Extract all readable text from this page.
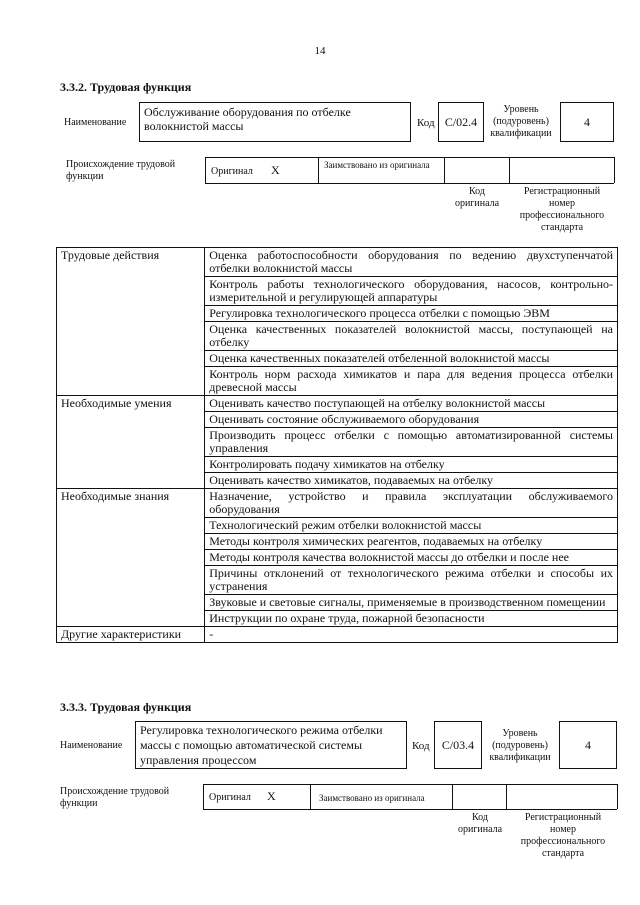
14
3.3.2. Трудовая функция
Наименование
Обслуживание оборудования по отбелке волокнистой массы	Код C/02.4
Уровень (подуровень) квалификации
4
Происхождение трудовой функции	Оригинал X	Заимствовано из оригинала
Код оригинала
Регистрационный номер профессионального стандарта
Трудовые действия	Оценка работоспособности оборудования по ведению двухступенчатой отбелки волокнистой массы
	Контроль работы технологического оборудования, насосов, контрольно-измерительной и регулирующей аппаратуры
	Регулировка технологического процесса отбелки с помощью ЭВМ
	Оценка качественных показателей волокнистой массы, поступающей на отбелку
	Оценка качественных показателей отбеленной волокнистой массы
	Контроль норм расхода химикатов и пара для ведения процесса отбелки древесной массы
Необходимые умения	Оценивать качество поступающей на отбелку волокнистой массы
	Оценивать состояние обслуживаемого оборудования
	Производить процесс отбелки с помощью автоматизированной системы управления
	Контролировать подачу химикатов на отбелку
	Оценивать качество химикатов, подаваемых на отбелку
Необходимые знания	Назначение, устройство и правила эксплуатации обслуживаемого оборудования
	Технологический режим отбелки волокнистой массы
	Методы контроля химических реагентов, подаваемых на отбелку
	Методы контроля качества волокнистой массы до отбелки и после нее
	Причины отклонений от технологического режима отбелки и способы их устранения
	Звуковые и световые сигналы, применяемые в производственном помещении
	Инструкции по охране труда, пожарной безопасности
Другие характеристики	-
3.3.3. Трудовая функция
Наименование
Регулировка технологического режима отбелки массы с помощью автоматической системы управления процессом
Код	C/03.4
Уровень (подуровень) квалификации
4
Происхождение трудовой функции
Оригинал X	Заимствовано из оригинала
Код оригинала
Регистрационный номер профессионального стандарта
